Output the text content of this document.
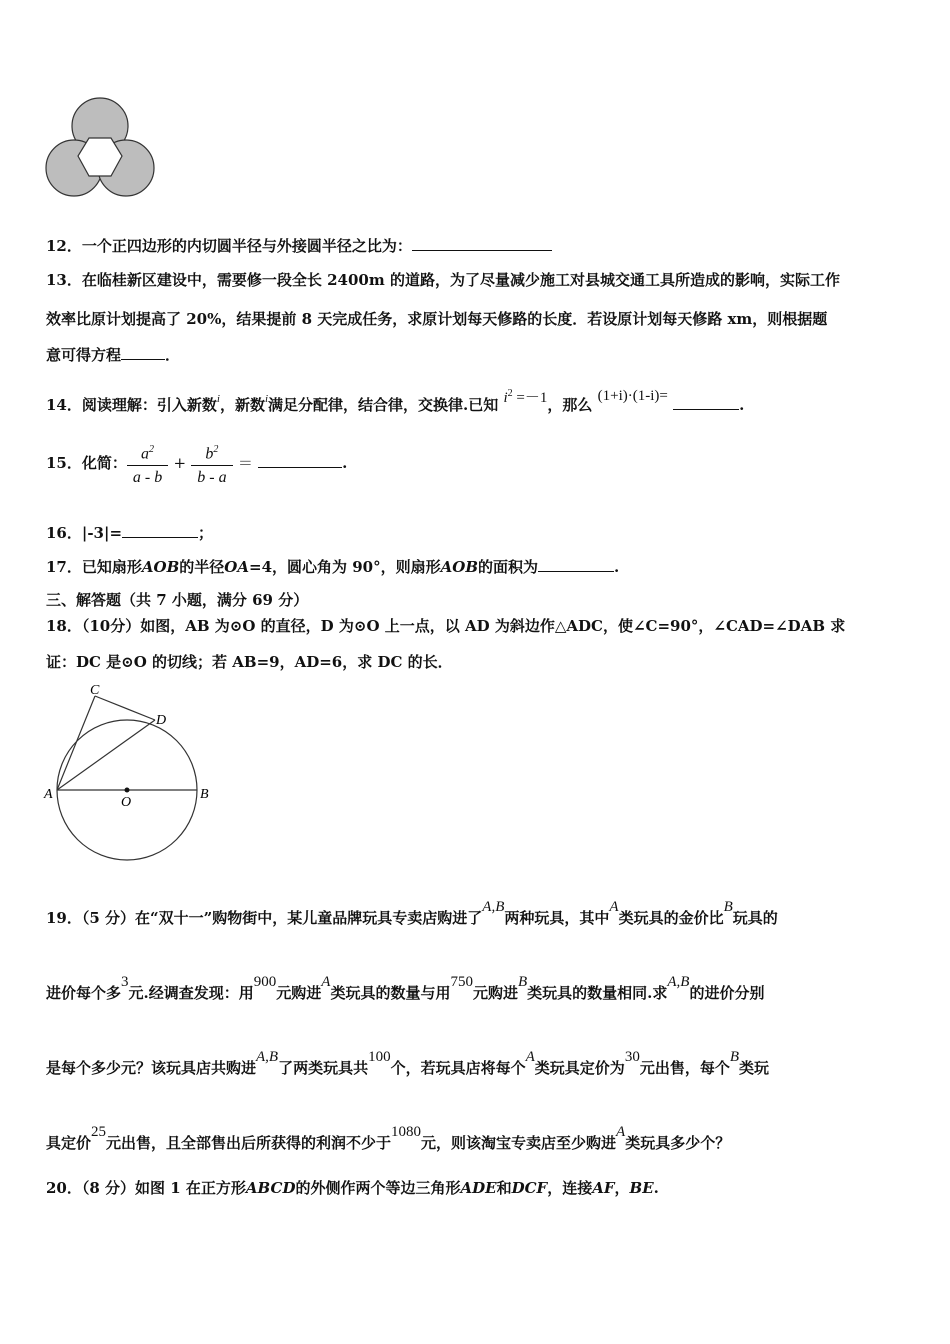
12．一个正四边形的内切圆半径与外接圆半径之比为：
13．在临桂新区建设中，需要修一段全长 2400m 的道路，为了尽量减少施工对县城交通工具所造成的影响，实际工作
效率比原计划提高了 20%，结果提前 8 天完成任务，求原计划每天修路的长度．若设原计划每天修路 xm，则根据题
意可得方程	．
14．阅读理解：引入新数$^i$，新数$^i$满足分配律，结合律，交换律.已知 $i^2 =-1$，那么 (1+i)·(1-i)=	.
15．化简： $\frac{a^2}{a - b} + \frac{b^2}{b - a}$ ＝	.
16．|-3|=	；
17．已知扇形AOB的半径OA=4，圆心角为 90°，则扇形AOB的面积为	.
三、解答题（共 7 小题，满分 69 分）
18．（10分）如图，AB 为⊙O 的直径，D 为⊙O 上一点，以 AD 为斜边作△ADC，使∠C=90°，∠CAD=∠DAB 求
证：DC 是⊙O 的切线；若 AB=9，AD=6，求 DC 的长．
C
D
A
O
B
19．（5 分）在“双十一”购物街中，某儿童品牌玩具专卖店购进了A,B两种玩具，其中A类玩具的金价比B玩具的
进价每个多3元.经调查发现：用900元购进A类玩具的数量与用750元购进B类玩具的数量相同.求A,B的进价分别
是每个多少元？该玩具店共购进A,B了两类玩具共100个，若玩具店将每个A类玩具定价为30元出售，每个B类玩
具定价25元出售，且全部售出后所获得的利润不少于1080元，则该淘宝专卖店至少购进A类玩具多少个？
20．（8 分）如图 1 在正方形ABCD的外侧作两个等边三角形ADE和DCF，连接AF，BE.
